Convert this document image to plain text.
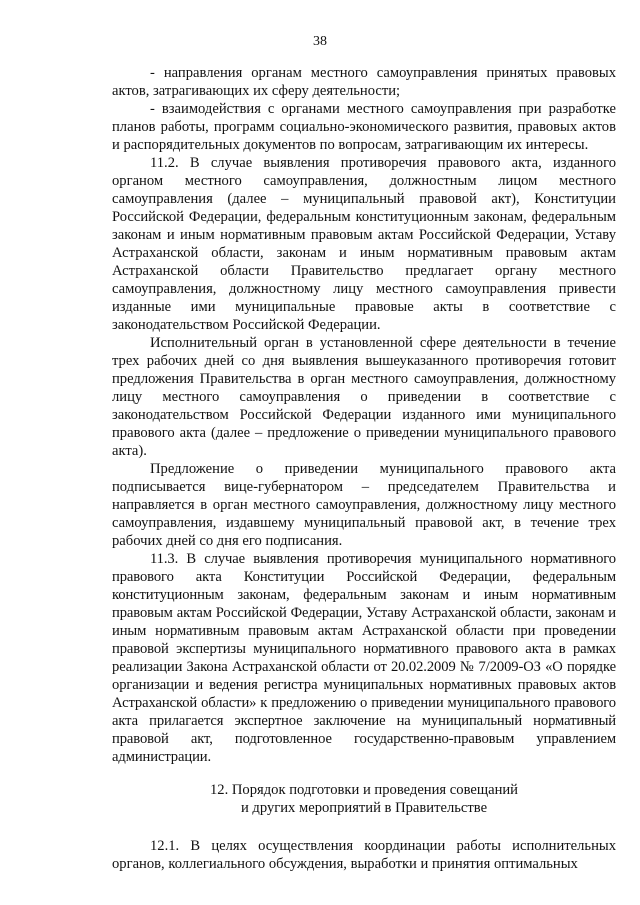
38

- направления органам местного самоуправления принятых правовых актов, затрагивающих их сферу деятельности;

- взаимодействия с органами местного самоуправления при разработке планов работы, программ социально-экономического развития, правовых актов и распорядительных документов по вопросам, затрагивающим их интересы.

11.2. В случае выявления противоречия правового акта, изданного органом местного самоуправления, должностным лицом местного самоуправления (далее – муниципальный правовой акт), Конституции Российской Федерации, федеральным конституционным законам, федеральным законам и иным нормативным правовым актам Российской Федерации, Уставу Астраханской области, законам и иным нормативным правовым актам Астраханской области Правительство предлагает органу местного самоуправления, должностному лицу местного самоуправления привести изданные ими муниципальные правовые акты в соответствие с законодательством Российской Федерации.

Исполнительный орган в установленной сфере деятельности в течение трех рабочих дней со дня выявления вышеуказанного противоречия готовит предложения Правительства в орган местного самоуправления, должностному лицу местного самоуправления о приведении в соответствие с законодательством Российской Федерации изданного ими муниципального правового акта (далее – предложение о приведении муниципального правового акта).

Предложение о приведении муниципального правового акта подписывается вице-губернатором – председателем Правительства и направляется в орган местного самоуправления, должностному лицу местного самоуправления, издавшему муниципальный правовой акт, в течение трех рабочих дней со дня его подписания.

11.3. В случае выявления противоречия муниципального нормативного правового акта Конституции Российской Федерации, федеральным конституционным законам, федеральным законам и иным нормативным правовым актам Российской Федерации, Уставу Астраханской области, законам и иным нормативным правовым актам Астраханской области при проведении правовой экспертизы муниципального нормативного правового акта в рамках реализации Закона Астраханской области от 20.02.2009 № 7/2009-ОЗ «О порядке организации и ведения регистра муниципальных нормативных правовых актов Астраханской области» к предложению о приведении муниципального правового акта прилагается экспертное заключение на муниципальный нормативный правовой акт, подготовленное государственно-правовым управлением администрации.

12. Порядок подготовки и проведения совещаний
и других мероприятий в Правительстве

12.1. В целях осуществления координации работы исполнительных органов, коллегиального обсуждения, выработки и принятия оптимальных
